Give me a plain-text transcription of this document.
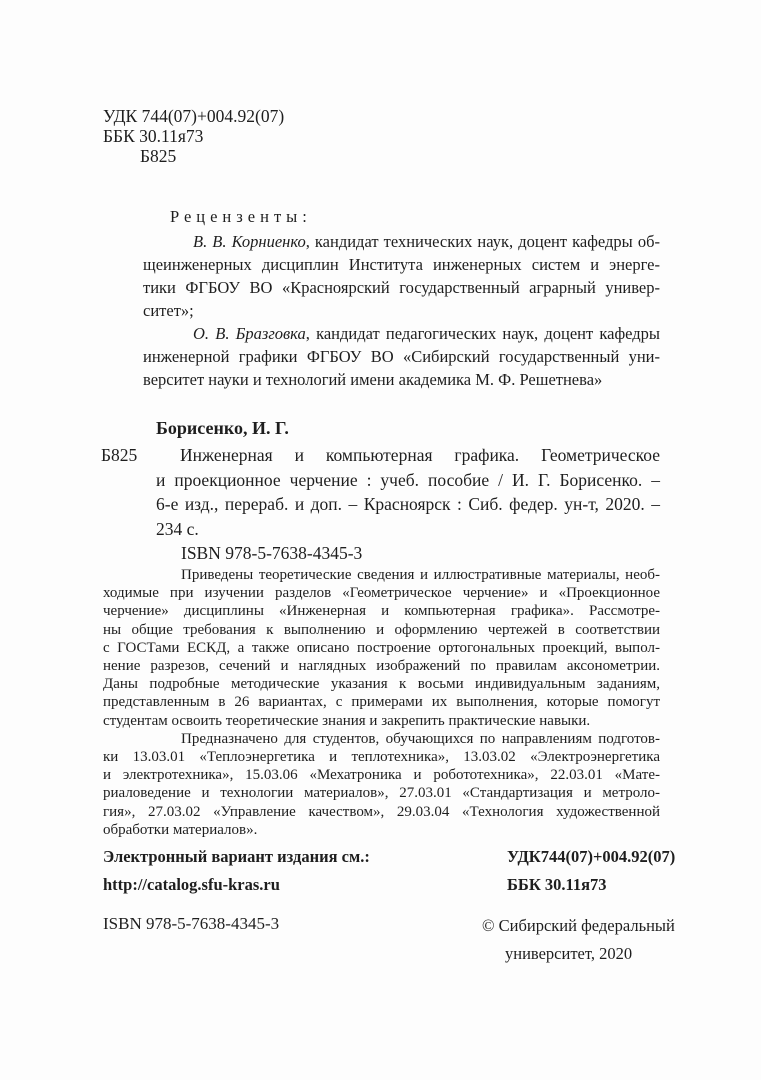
УДК 744(07)+004.92(07)
ББК 30.11я73
Б825
Рецензенты:
В. В. Корниенко, кандидат технических наук, доцент кафедры об-
щеинженерных дисциплин Института инженерных систем и энерге-
тики ФГБОУ ВО «Красноярский государственный аграрный универ-
ситет»;
О. В. Бразговка, кандидат педагогических наук, доцент кафедры
инженерной графики ФГБОУ ВО «Сибирский государственный уни-
верситет науки и технологий имени академика М. Ф. Решетнева»
Борисенко, И. Г.
Б825	Инженерная и компьютерная графика. Геометрическое
и проекционное черчение : учеб. пособие / И. Г. Борисенко. –
6-е изд., перераб. и доп. – Красноярск : Сиб. федер. ун-т, 2020. –
234 с.
ISBN 978-5-7638-4345-3
Приведены теоретические сведения и иллюстративные материалы, необ-
ходимые при изучении разделов «Геометрическое черчение» и «Проекционное
черчение» дисциплины «Инженерная и компьютерная графика». Рассмотре-
ны общие требования к выполнению и оформлению чертежей в соответствии
с ГОСТами ЕСКД, а также описано построение ортогональных проекций, выпол-
нение разрезов, сечений и наглядных изображений по правилам аксонометрии.
Даны подробные методические указания к восьми индивидуальным заданиям,
представленным в 26 вариантах, с примерами их выполнения, которые помогут
студентам освоить теоретические знания и закрепить практические навыки.
Предназначено для студентов, обучающихся по направлениям подготов-
ки 13.03.01 «Теплоэнергетика и теплотехника», 13.03.02 «Электроэнергетика
и электротехника», 15.03.06 «Мехатроника и робототехника», 22.03.01 «Мате-
риаловедение и технологии материалов», 27.03.01 «Стандартизация и метроло-
гия», 27.03.02 «Управление качеством», 29.03.04 «Технология художественной
обработки материалов».
Электронный вариант издания см.:
http://catalog.sfu-kras.ru
УДК744(07)+004.92(07)
ББК 30.11я73
ISBN 978-5-7638-4345-3	© Сибирский федеральный
университет, 2020
